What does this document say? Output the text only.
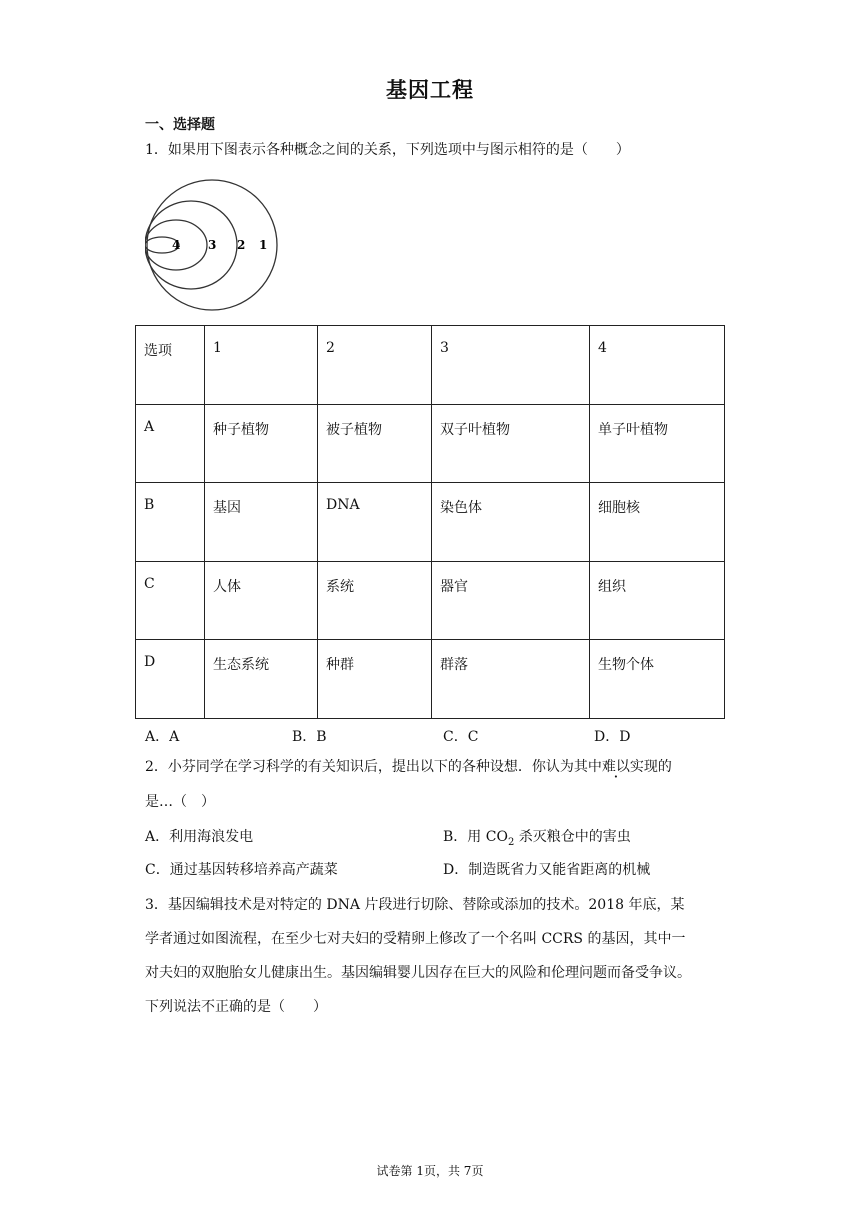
基因工程
一、选择题
1．如果用下图表示各种概念之间的关系，下列选项中与图示相符的是（　　）
4 3 2 1
选项	1	2	3	4
A	种子植物	被子植物	双子叶植物	单子叶植物
B	基因	DNA	染色体	细胞核
C	人体	系统	器官	组织
D	生态系统	种群	群落	生物个体
A．A	B．B	C．C	D．D
2．小芬同学在学习科学的有关知识后，提出以下的各种设想．你认为其中难以实现的
是…（　）
A．利用海浪发电	B．用 $CO_2$ 杀灭粮仓中的害虫
C．通过基因转移培养高产蔬菜	D．制造既省力又能省距离的机械
3．基因编辑技术是对特定的 DNA 片段进行切除、替除或添加的技术。2018 年底，某
学者通过如图流程，在至少七对夫妇的受精卵上修改了一个名叫 CCRS 的基因，其中一
对夫妇的双胞胎女儿健康出生。基因编辑婴儿因存在巨大的风险和伦理问题而备受争议。
下列说法不正确的是（　　）
试卷第 1页，共 7页
